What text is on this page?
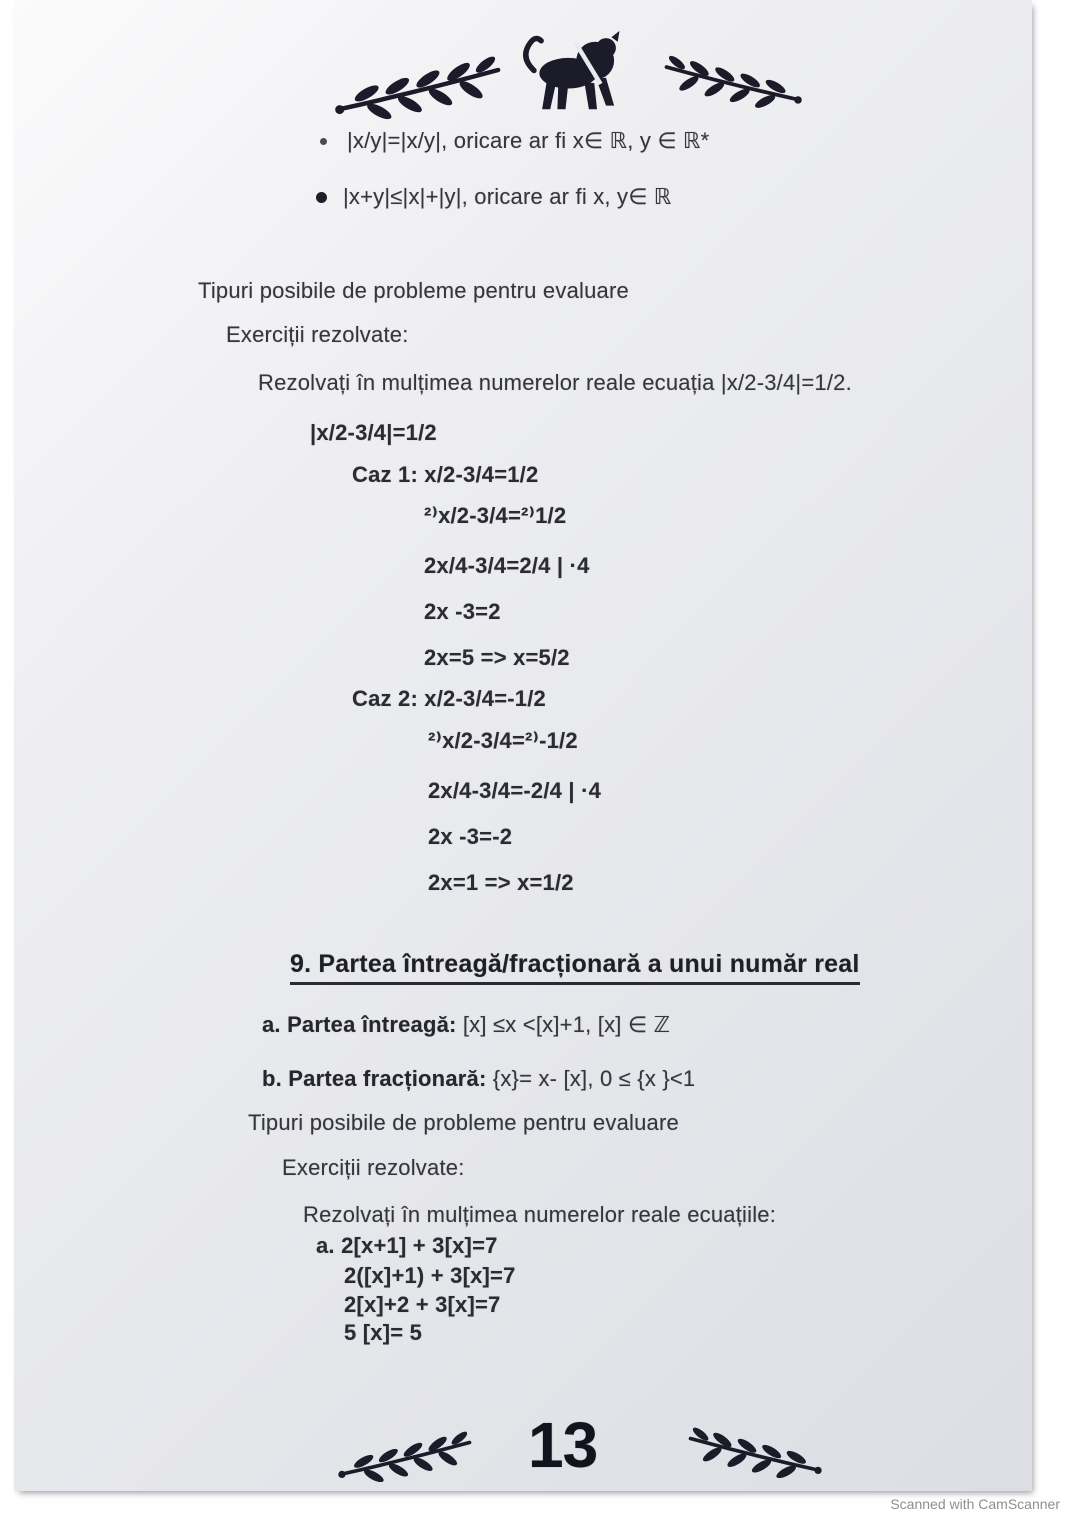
|x/y|=|x/y|, oricare ar fi x∈ ℝ, y ∈ ℝ*
|x+y|≤|x|+|y|, oricare ar fi x, y∈ ℝ
Tipuri posibile de probleme pentru evaluare
Exerciții rezolvate:
Rezolvați în mulțimea numerelor reale ecuația |x/2-3/4|=1/2.
|x/2-3/4|=1/2
Caz 1: x/2-3/4=1/2
²⁾x/2-3/4=²⁾1/2
2x/4-3/4=2/4 | ·4
2x -3=2
2x=5 => x=5/2
Caz 2: x/2-3/4=-1/2
²⁾x/2-3/4=²⁾-1/2
2x/4-3/4=-2/4 | ·4
2x -3=-2
2x=1 => x=1/2
9. Partea întreagă/fracționară a unui număr real
a. Partea întreagă: [x] ≤x <[x]+1, [x] ∈ ℤ
b. Partea fracționară: {x}= x- [x], 0 ≤ {x }<1
Tipuri posibile de probleme pentru evaluare
Exerciții rezolvate:
Rezolvați în mulțimea numerelor reale ecuațiile:
a. 2[x+1] + 3[x]=7
2([x]+1) + 3[x]=7
2[x]+2 + 3[x]=7
5 [x]= 5
13
Scanned with CamScanner
